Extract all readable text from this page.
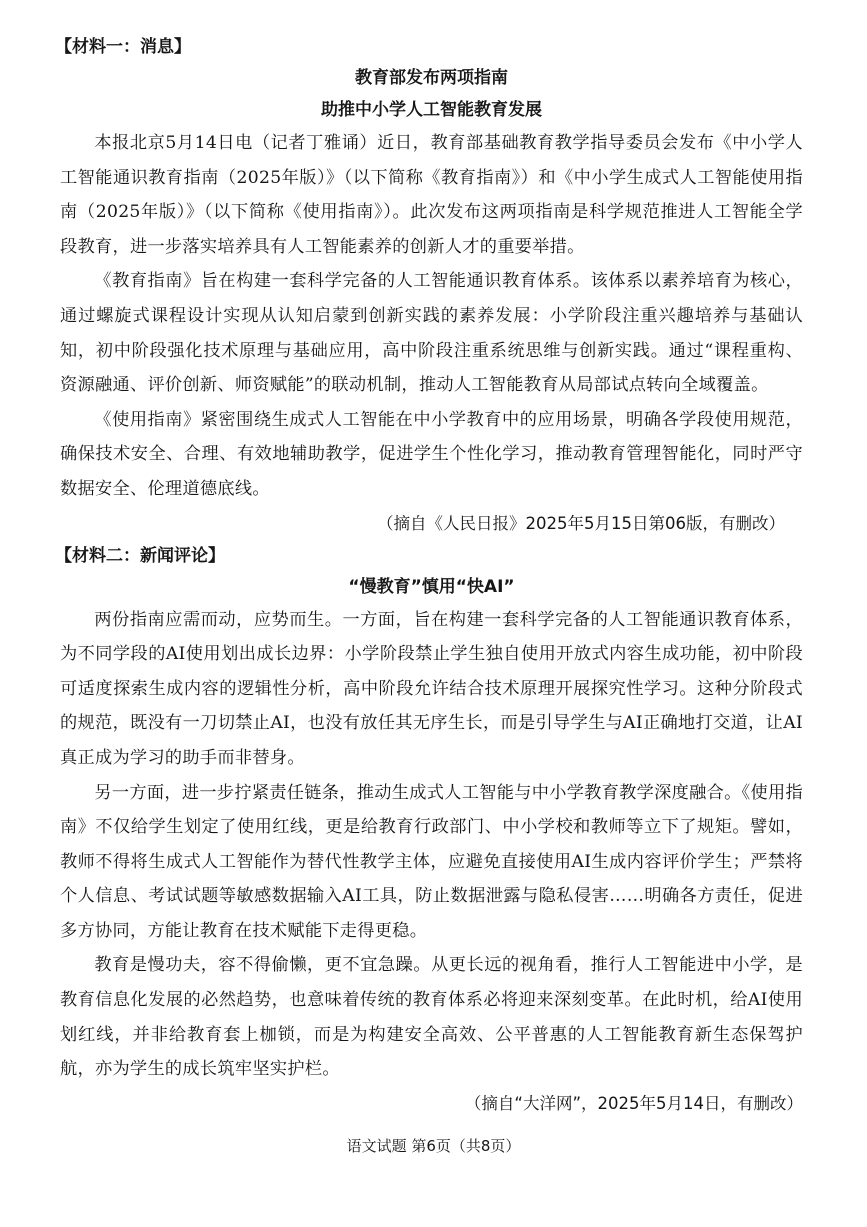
【材料一：消息】
教育部发布两项指南
助推中小学人工智能教育发展

本报北京5月14日电（记者丁雅诵）近日，教育部基础教育教学指导委员会发布《中小学人工智能通识教育指南（2025年版）》（以下简称《教育指南》）和《中小学生成式人工智能使用指南（2025年版）》（以下简称《使用指南》）。此次发布这两项指南是科学规范推进人工智能全学段教育，进一步落实培养具有人工智能素养的创新人才的重要举措。

《教育指南》旨在构建一套科学完备的人工智能通识教育体系。该体系以素养培育为核心，通过螺旋式课程设计实现从认知启蒙到创新实践的素养发展：小学阶段注重兴趣培养与基础认知，初中阶段强化技术原理与基础应用，高中阶段注重系统思维与创新实践。通过“课程重构、资源融通、评价创新、师资赋能”的联动机制，推动人工智能教育从局部试点转向全域覆盖。

《使用指南》紧密围绕生成式人工智能在中小学教育中的应用场景，明确各学段使用规范，确保技术安全、合理、有效地辅助教学，促进学生个性化学习，推动教育管理智能化，同时严守数据安全、伦理道德底线。

（摘自《人民日报》2025年5月15日第06版，有删改）
【材料二：新闻评论】
“慢教育”慎用“快AI”

两份指南应需而动，应势而生。一方面，旨在构建一套科学完备的人工智能通识教育体系，为不同学段的AI使用划出成长边界：小学阶段禁止学生独自使用开放式内容生成功能，初中阶段可适度探索生成内容的逻辑性分析，高中阶段允许结合技术原理开展探究性学习。这种分阶段式的规范，既没有一刀切禁止AI，也没有放任其无序生长，而是引导学生与AI正确地打交道，让AI真正成为学习的助手而非替身。

另一方面，进一步拧紧责任链条，推动生成式人工智能与中小学教育教学深度融合。《使用指南》不仅给学生划定了使用红线，更是给教育行政部门、中小学校和教师等立下了规矩。譬如，教师不得将生成式人工智能作为替代性教学主体，应避免直接使用AI生成内容评价学生；严禁将个人信息、考试试题等敏感数据输入AI工具，防止数据泄露与隐私侵害……明确各方责任，促进多方协同，方能让教育在技术赋能下走得更稳。

教育是慢功夫，容不得偷懒，更不宜急躁。从更长远的视角看，推行人工智能进中小学，是教育信息化发展的必然趋势，也意味着传统的教育体系必将迎来深刻变革。在此时机，给AI使用划红线，并非给教育套上枷锁，而是为构建安全高效、公平普惠的人工智能教育新生态保驾护航，亦为学生的成长筑牢坚实护栏。

（摘自“大洋网”，2025年5月14日，有删改）
语文试题 第6页（共8页）
